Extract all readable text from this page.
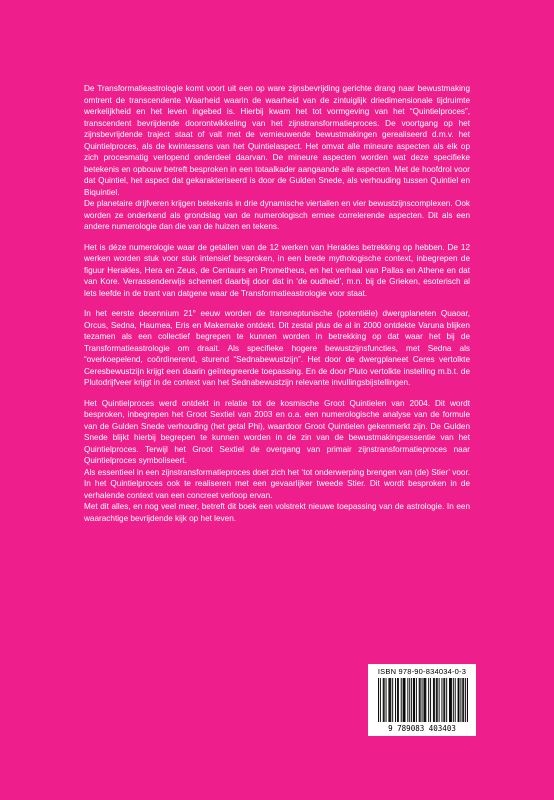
De Transformatieastrologie komt voort uit een op ware zijnsbevrijding gerichte drang naar bewustmaking omtrent de transcendente Waarheid waarin de waarheid van de zintuiglijk driedimensionale tijdruimte werkelijkheid en het leven ingebed is. Hierbij kwam het tot vormgeving van het “Quintielproces”, transcendent bevrijdende doorontwikkeling van het zijnstransformatieproces. De voortgang op het zijnsbevrijdende traject staat of valt met de vernieuwende bewustmakingen gerealiseerd d.m.v. het Quintielproces, als de kwintessens van het Quintielaspect. Het omvat alle mineure aspecten als elk op zich procesmatig verlopend onderdeel daarvan. De mineure aspecten worden wat deze specifieke betekenis en opbouw betreft besproken in een totaalkader aangaande alle aspecten. Met de hoofdrol voor dat Quintiel, het aspect dat gekarakteriseerd is door de Gulden Snede, als verhouding tussen Quintiel en Biquintiel.

De planetaire drijfveren krijgen betekenis in drie dynamische viertallen en vier bewustzijnscomplexen. Ook worden ze onderkend als grondslag van de numerologisch ermee correlerende aspecten. Dit als een andere numerologie dan die van de huizen en tekens.

Het is déze numerologie waar de getallen van de 12 werken van Herakles betrekking op hebben. De 12 werken worden stuk voor stuk intensief besproken, in een brede mythologische context, inbegrepen de figuur Herakles, Hera en Zeus, de Centaurs en Prometheus, en het verhaal van Pallas en Athene en dat van Kore. Verrassenderwijs schemert daarbij door dat in ‘de oudheid’, m.n. bij de Grieken, esoterisch al lets leefde in de trant van datgene waar de Transformatieastrologie voor staat.

In het eerste decennium 21° eeuw worden de transneptunische (potentiële) dwergplaneten Quaoar, Orcus, Sedna, Haumea, Eris en Makemake ontdekt. Dit zestal plus de al in 2000 ontdekte Varuna blijken tezamen als een collectief begrepen te kunnen worden in betrekking op dat waar het bij de Transformatieastrologie om draait. Als specifieke hogere bewustzijnsfuncties, met Sedna als “overkoepelend, coördinerend, sturend “Sednabewustzijn”. Het door de dwergplaneet Ceres vertolkte Ceresbewustzijn krijgt een daarin geïntegreerde toepassing. En de door Pluto vertolkte instelling m.b.t. de Plutodrijfveer krijgt in de context van het Sednabewustzijn relevante invullingsbijstellingen.

Het Quintielproces werd ontdekt in relatie tot de kosmische Groot Quintielen van 2004. Dit wordt besproken, inbegrepen het Groot Sextiel van 2003 en o.a. een numerologische analyse van de formule van de Gulden Snede verhouding (het getal Phi), waardoor Groot Quintielen gekenmerkt zijn. De Gulden Snede blijkt hierbij begrepen te kunnen worden in de zin van de bewustmakingsessentie van het Quintielproces. Terwijl het Groot Sextiel de overgang van primair zijnstransformatieproces naar Quintielproces symboliseert.

Als essentieel in een zijnstransformatieproces doet zich het ‘tot onderwerping brengen van (de) Stier’ voor. In het Quintielproces ook te realiseren met een gevaarlijker tweede Stier. Dit wordt besproken in de verhalende context van een concreet verloop ervan.

Met dit alles, en nog veel meer, betreft dit boek een volstrekt nieuwe toepassing van de astrologie. In een waarachtige bevrijdende kijk op het leven.

ISBN 978-90-834034-0-3
9 789083 403403
